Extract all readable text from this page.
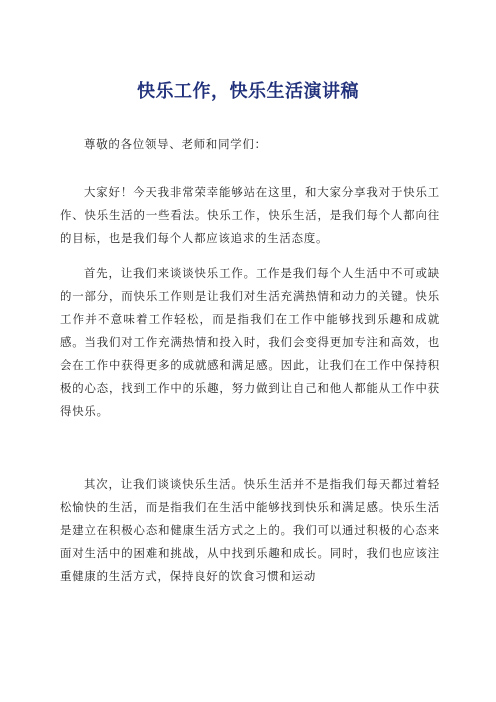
快乐工作，快乐生活演讲稿
尊敬的各位领导、老师和同学们：

大家好！今天我非常荣幸能够站在这里，和大家分享我对于快乐工作、快乐生活的一些看法。快乐工作，快乐生活，是我们每个人都向往的目标，也是我们每个人都应该追求的生活态度。

首先，让我们来谈谈快乐工作。工作是我们每个人生活中不可或缺的一部分，而快乐工作则是让我们对生活充满热情和动力的关键。快乐工作并不意味着工作轻松，而是指我们在工作中能够找到乐趣和成就感。当我们对工作充满热情和投入时，我们会变得更加专注和高效，也会在工作中获得更多的成就感和满足感。因此，让我们在工作中保持积极的心态，找到工作中的乐趣，努力做到让自己和他人都能从工作中获得快乐。

其次，让我们谈谈快乐生活。快乐生活并不是指我们每天都过着轻松愉快的生活，而是指我们在生活中能够找到快乐和满足感。快乐生活是建立在积极心态和健康生活方式之上的。我们可以通过积极的心态来面对生活中的困难和挑战，从中找到乐趣和成长。同时，我们也应该注重健康的生活方式，保持良好的饮食习惯和运动
